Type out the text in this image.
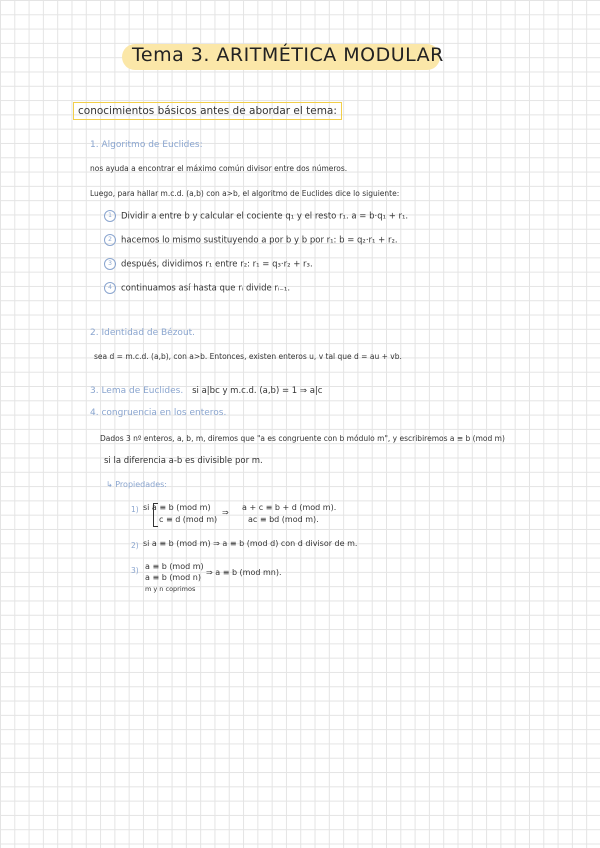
Tema 3. ARITMÉTICA MODULAR
conocimientos básicos antes de abordar el tema:
1. Algoritmo de Euclides:
nos ayuda a encontrar el máximo común divisor entre dos números.
Luego, para hallar m.c.d. (a,b) con a>b, el algoritmo de Euclides dice lo siguiente:
1 Dividir a entre b y calcular el cociente q₁ y el resto r₁. a = b·q₁ + r₁.
2 hacemos lo mismo sustituyendo a por b y b por r₁: b = q₂·r₁ + r₂.
3 después, dividimos r₁ entre r₂: r₁ = q₃·r₂ + r₃.
4 continuamos así hasta que rᵢ divide rᵢ₋₁.
2. Identidad de Bézout.
sea d = m.c.d. (a,b), con a>b. Entonces, existen enteros u, v tal que d = au + vb.
3. Lema de Euclides. si a|bc y m.c.d. (a,b) = 1 ⇒ a|c
4. congruencia en los enteros.
Dados 3 nº enteros, a, b, m, diremos que "a es congruente con b módulo m", y escribiremos a ≡ b (mod m)
si la diferencia a-b es divisible por m.
↳ Propiedades:
1) si a ≡ b (mod m)
c ≡ d (mod m)
⇒
a + c ≡ b + d (mod m).
ac ≡ bd (mod m).
2) si a ≡ b (mod m) ⇒ a ≡ b (mod d) con d divisor de m.
3) a ≡ b (mod m)
a ≡ b (mod n)
m y n coprimos
⇒ a ≡ b (mod mn).
